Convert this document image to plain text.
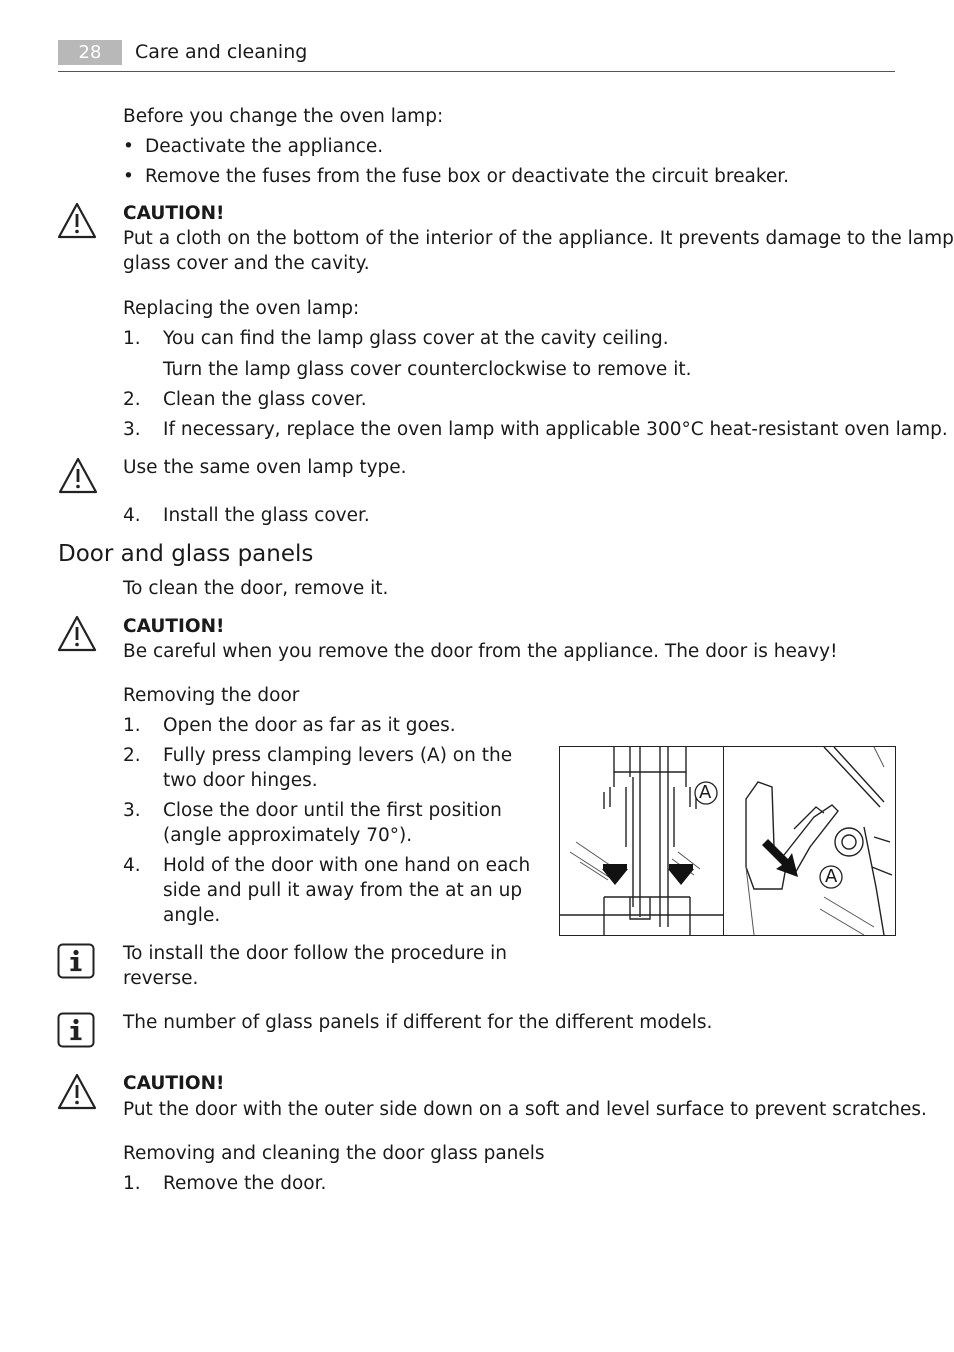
28	Care and cleaning
Before you change the oven lamp:
• Deactivate the appliance.
• Remove the fuses from the fuse box or deactivate the circuit breaker.
CAUTION!
Put a cloth on the bottom of the interior of the appliance. It prevents damage to the lamp
glass cover and the cavity.
Replacing the oven lamp:
1. You can find the lamp glass cover at the cavity ceiling.
Turn the lamp glass cover counterclockwise to remove it.
2. Clean the glass cover.
3. If necessary, replace the oven lamp with applicable 300°C heat-resistant oven lamp.
Use the same oven lamp type.
4. Install the glass cover.
Door and glass panels
To clean the door, remove it.
CAUTION!
Be careful when you remove the door from the appliance. The door is heavy!
Removing the door
1. Open the door as far as it goes.
2. Fully press clamping levers (A) on the
two door hinges.
3. Close the door until the first position
(angle approximately 70°).
4. Hold of the door with one hand on each
side and pull it away from the at an up
angle.
A
A
To install the door follow the procedure in
reverse.
The number of glass panels if different for the different models.
CAUTION!
Put the door with the outer side down on a soft and level surface to prevent scratches.
Removing and cleaning the door glass panels
1. Remove the door.
